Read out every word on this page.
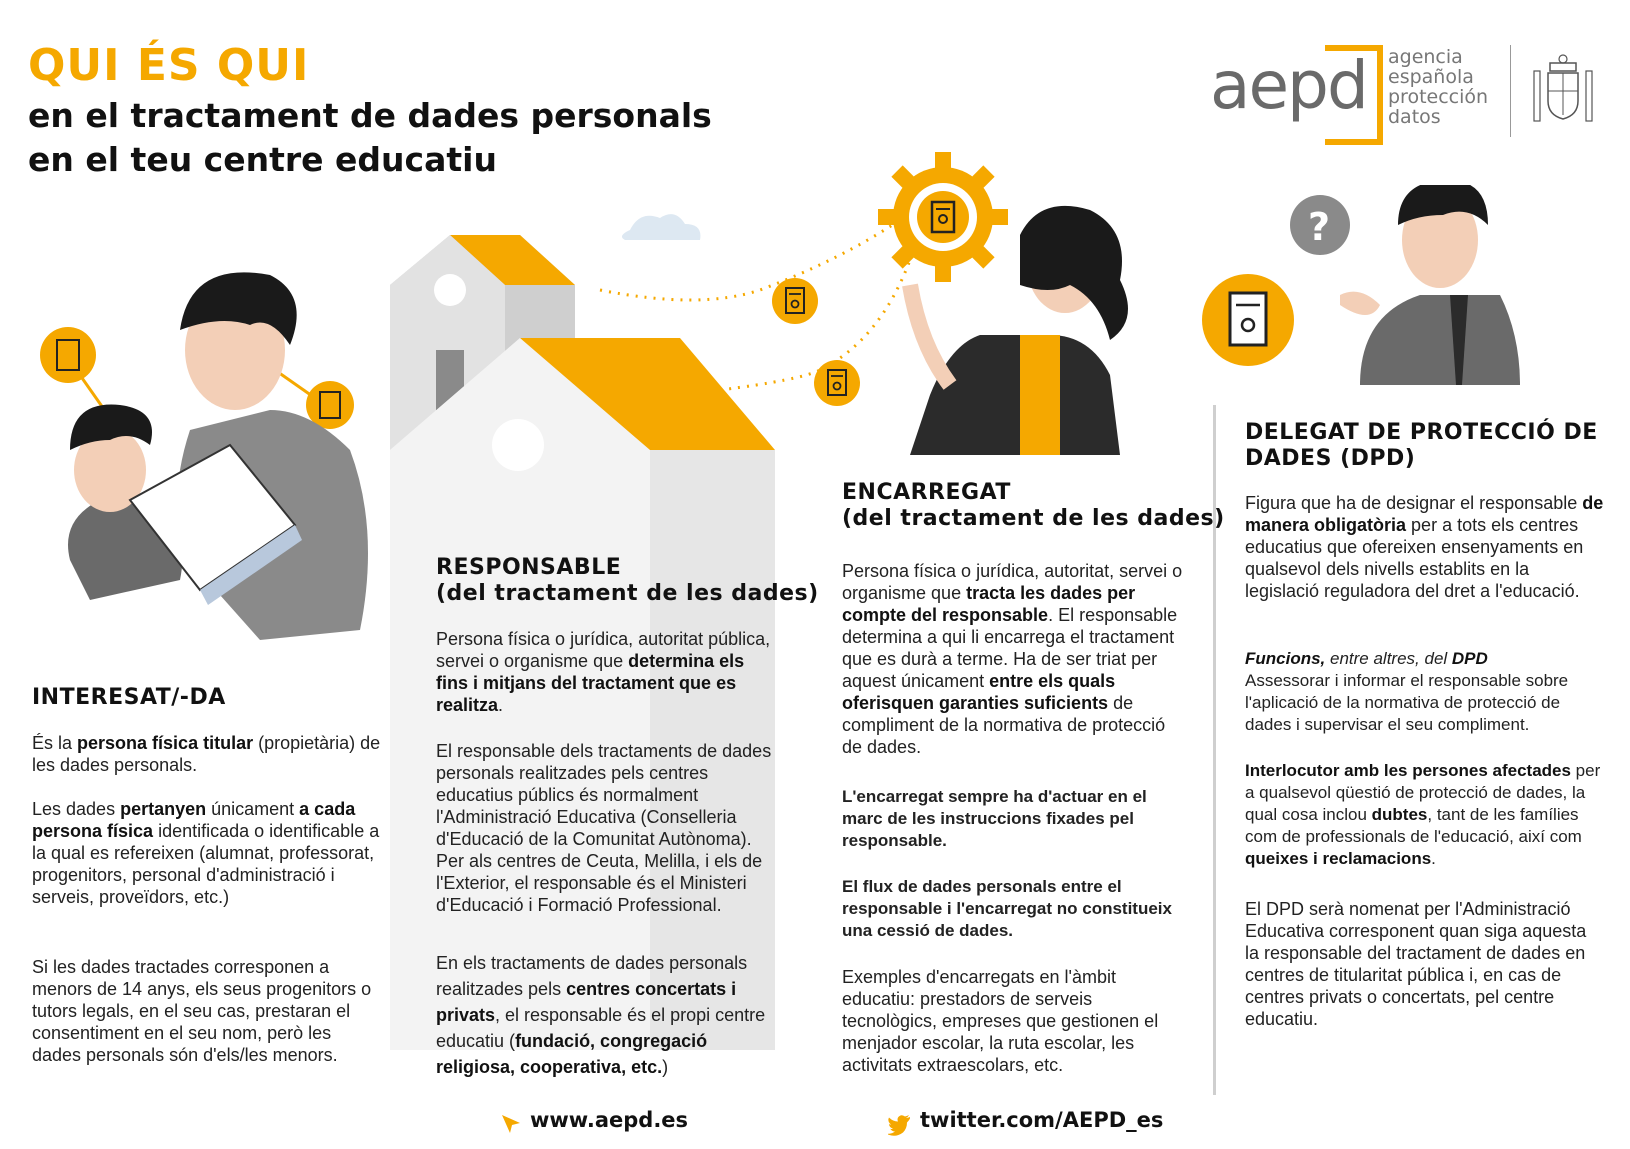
QUI ÉS QUI
en el tractament de dades personals
en el teu centre educatiu
aepd agencia
española
protección
datos
?
INTERESAT/-DA
És la persona física titular (propietària) de les dades personals.
Les dades pertanyen únicament a cada persona física identificada o identificable a la qual es refereixen (alumnat, professorat, progenitors, personal d'administració i serveis, proveïdors, etc.)
Si les dades tractades corresponen a menors de 14 anys, els seus progenitors o tutors legals, en el seu cas, prestaran el consentiment en el seu nom, però les dades personals són d'els/les menors.
RESPONSABLE
(del tractament de les dades)
Persona física o jurídica, autoritat pública, servei o organisme que determina els fins i mitjans del tractament que es realitza.
El responsable dels tractaments de dades personals realitzades pels centres educatius públics és normalment l'Administració Educativa (Conselleria d'Educació de la Comunitat Autònoma). Per als centres de Ceuta, Melilla, i els de l'Exterior, el responsable és el Ministeri d'Educació i Formació Professional.
En els tractaments de dades personals realitzades pels centres concertats i privats, el responsable és el propi centre educatiu (fundació, congregació religiosa, cooperativa, etc.)
ENCARREGAT
(del tractament de les dades)
Persona física o jurídica, autoritat, servei o organisme que tracta les dades per compte del responsable. El responsable determina a qui li encarrega el tractament que es durà a terme. Ha de ser triat per aquest únicament entre els quals oferisquen garanties suficients de compliment de la normativa de protecció de dades.
L'encarregat sempre ha d'actuar en el marc de les instruccions fixades pel responsable.
El flux de dades personals entre el responsable i l'encarregat no constitueix una cessió de dades.
Exemples d'encarregats en l'àmbit educatiu: prestadors de serveis tecnològics, empreses que gestionen el menjador escolar, la ruta escolar, les activitats extraescolars, etc.
DELEGAT DE PROTECCIÓ DE
DADES (DPD)
Figura que ha de designar el responsable de manera obligatòria per a tots els centres educatius que ofereixen ensenyaments en qualsevol dels nivells establits en la legislació reguladora del dret a l'educació.
Funcions, entre altres, del DPD
Assessorar i informar el responsable sobre l'aplicació de la normativa de protecció de dades i supervisar el seu compliment.
Interlocutor amb les persones afectades per a qualsevol qüestió de protecció de dades, la qual cosa inclou dubtes, tant de les famílies com de professionals de l'educació, així com queixes i reclamacions.
El DPD serà nomenat per l'Administració Educativa corresponent quan siga aquesta la responsable del tractament de dades en centres de titularitat pública i, en cas de centres privats o concertats, pel centre educatiu.
www.aepd.es	twitter.com/AEPD_es
